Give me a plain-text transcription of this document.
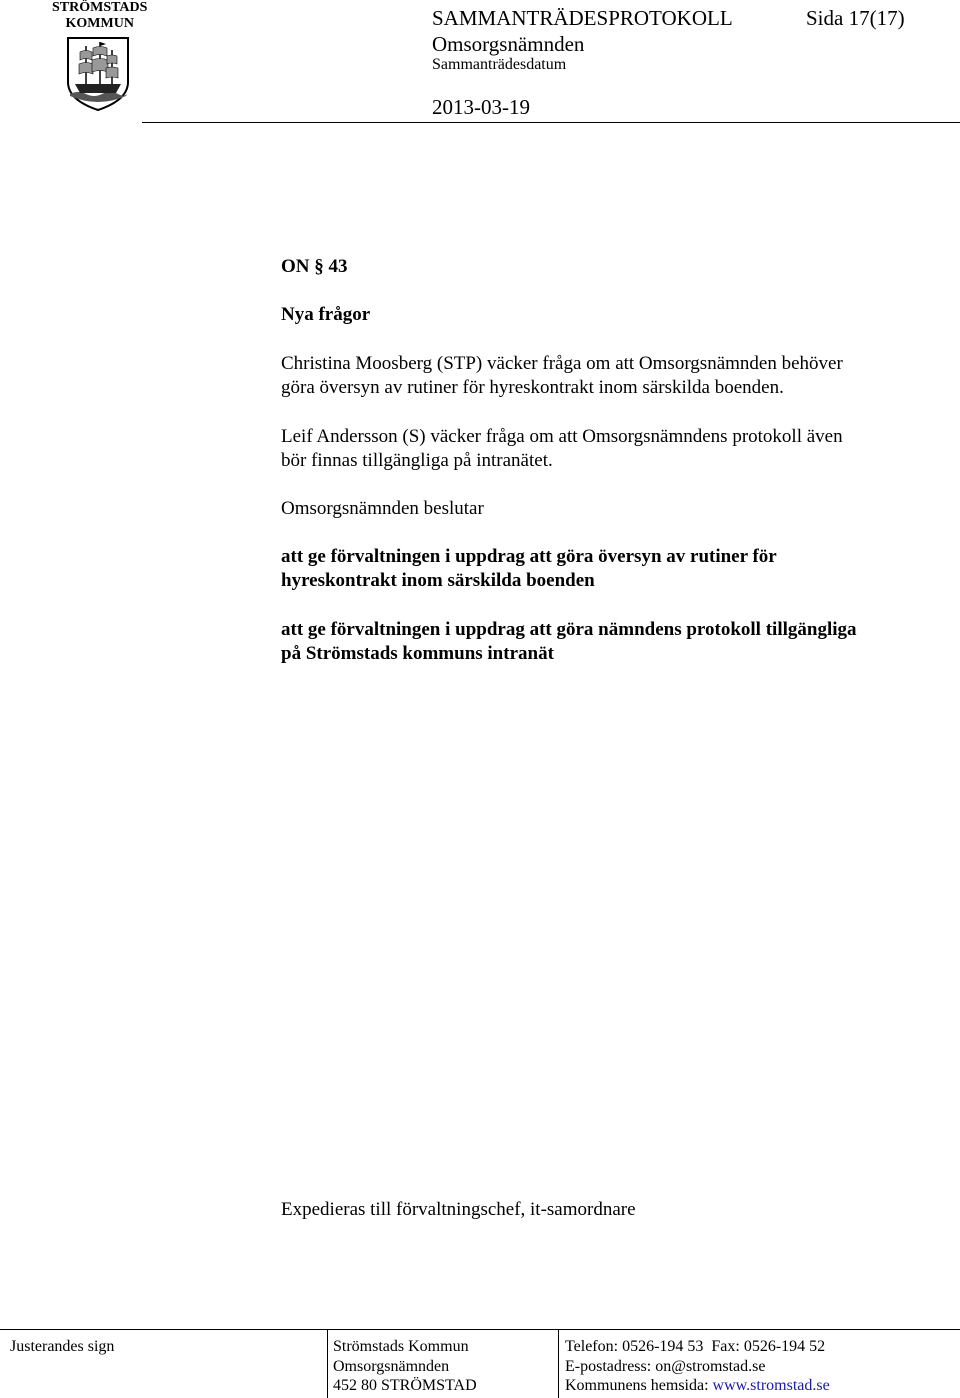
STRÖMSTADS
KOMMUN	SAMMANTRÄDESPROTOKOLL	Sida 17(17)
Omsorgsnämnden
Sammanträdesdatum
2013-03-19
ON § 43
Nya frågor
Christina Moosberg (STP) väcker fråga om att Omsorgsnämnden behöver
göra översyn av rutiner för hyreskontrakt inom särskilda boenden.
Leif Andersson (S) väcker fråga om att Omsorgsnämndens protokoll även
bör finnas tillgängliga på intranätet.
Omsorgsnämnden beslutar
att ge förvaltningen i uppdrag att göra översyn av rutiner för
hyreskontrakt inom särskilda boenden
att ge förvaltningen i uppdrag att göra nämndens protokoll tillgängliga
på Strömstads kommuns intranät
Expedieras till förvaltningschef, it-samordnare
Justerandes sign	Strömstads Kommun
Omsorgsnämnden
452 80 STRÖMSTAD
Telefon: 0526-194 53 Fax: 0526-194 52
E-postadress: on@stromstad.se
Kommunens hemsida: www.stromstad.se
